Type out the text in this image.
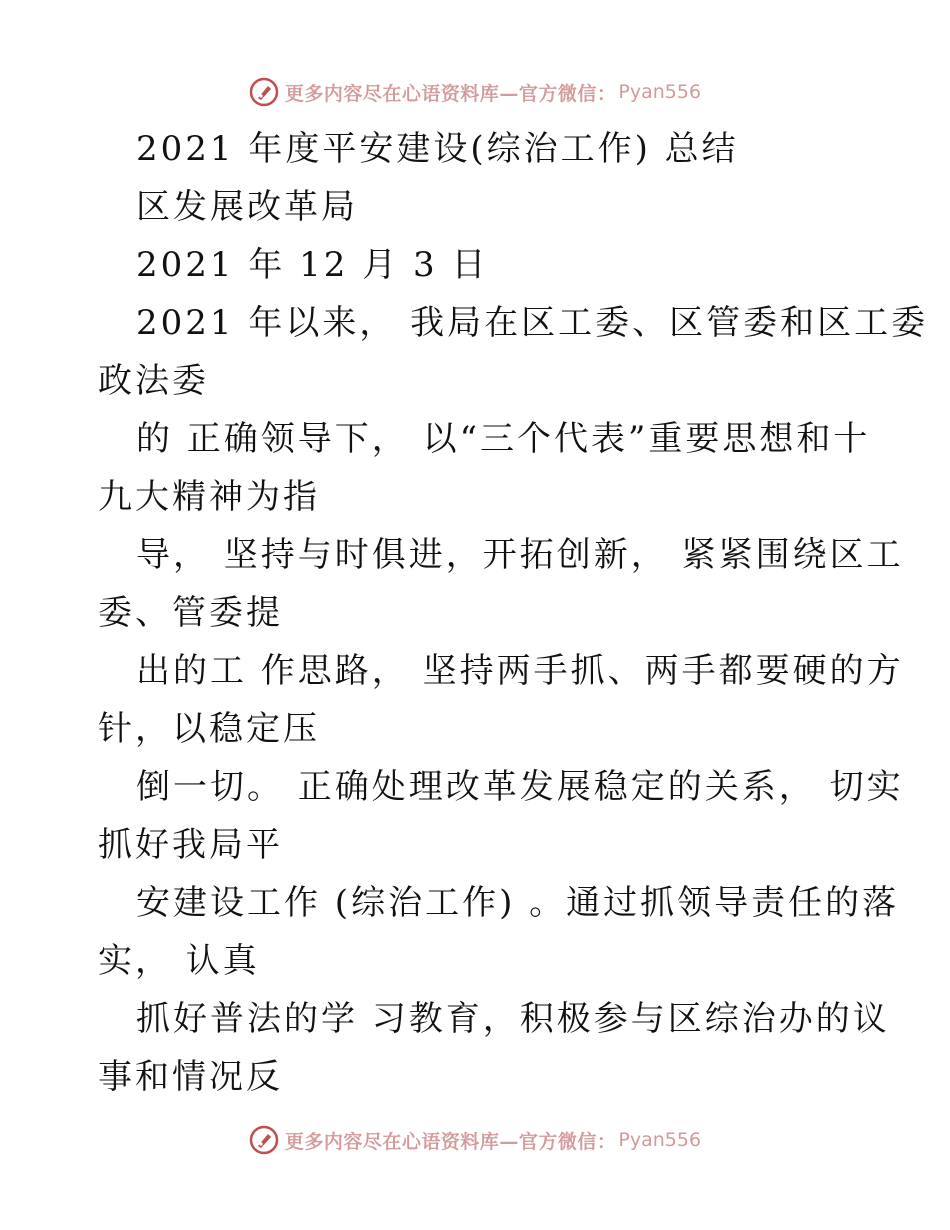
更多内容尽在心语资料库—官方微信： Pyan556

2021 年度平安建设(综治工作) 总结

区发展改革局

2021 年 12 月 3 日

2021 年以来， 我局在区工委、区管委和区工委

政法委

的 正确领导下， 以“三个代表”重要思想和十

九大精神为指

导， 坚持与时俱进，开拓创新， 紧紧围绕区工

委、管委提

出的工 作思路， 坚持两手抓、两手都要硬的方

针，以稳定压

倒一切。 正确处理改革发展稳定的关系， 切实

抓好我局平

安建设工作 (综治工作) 。通过抓领导责任的落

实， 认真

抓好普法的学 习教育，积极参与区综治办的议

事和情况反

更多内容尽在心语资料库—官方微信： Pyan556
